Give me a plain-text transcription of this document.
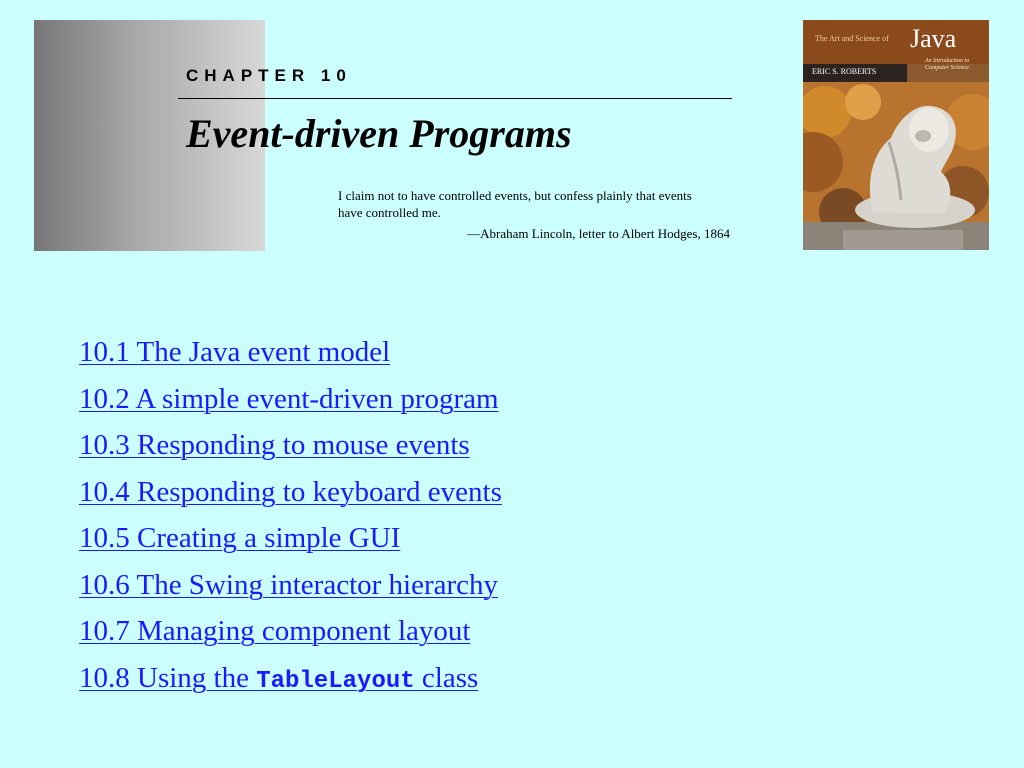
CHAPTER 10
Event-driven Programs
I claim not to have controlled events, but confess plainly that events have controlled me.
—Abraham Lincoln, letter to Albert Hodges, 1864
The Art and Science of Java
ERIC S. ROBERTS
An Introduction to Computer Science
10.1 The Java event model
10.2 A simple event-driven program
10.3 Responding to mouse events
10.4 Responding to keyboard events
10.5 Creating a simple GUI
10.6 The Swing interactor hierarchy
10.7 Managing component layout
10.8 Using the TableLayout class
